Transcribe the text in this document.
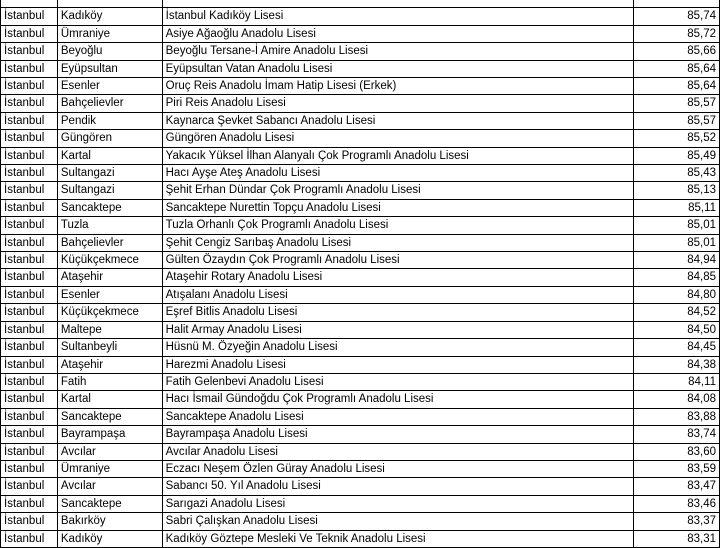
İstanbul	Kadıköy	İstanbul Kadıköy Lisesi	85,74
İstanbul	Ümraniye	Asiye Ağaoğlu Anadolu Lisesi	85,72
İstanbul	Beyoğlu	Beyoğlu Tersane-İ Amire Anadolu Lisesi	85,66
İstanbul	Eyüpsultan	Eyüpsultan Vatan Anadolu Lisesi	85,64
İstanbul	Esenler	Oruç Reis Anadolu İmam Hatip Lisesi (Erkek)	85,64
İstanbul	Bahçelievler	Piri Reis Anadolu Lisesi	85,57
İstanbul	Pendik	Kaynarca Şevket Sabancı Anadolu Lisesi	85,57
İstanbul	Güngören	Güngören Anadolu Lisesi	85,52
İstanbul	Kartal	Yakacık Yüksel İlhan Alanyalı Çok Programlı Anadolu Lisesi	85,49
İstanbul	Sultangazi	Hacı Ayşe Ateş Anadolu Lisesi	85,43
İstanbul	Sultangazi	Şehit Erhan Dündar Çok Programlı Anadolu Lisesi	85,13
İstanbul	Sancaktepe	Sancaktepe Nurettin Topçu Anadolu Lisesi	85,11
İstanbul	Tuzla	Tuzla Orhanlı Çok Programlı Anadolu Lisesi	85,01
İstanbul	Bahçelievler	Şehit Cengiz Sarıbaş Anadolu Lisesi	85,01
İstanbul	Küçükçekmece	Gülten Özaydın Çok Programlı Anadolu Lisesi	84,94
İstanbul	Ataşehir	Ataşehir Rotary Anadolu Lisesi	84,85
İstanbul	Esenler	Atışalanı Anadolu Lisesi	84,80
İstanbul	Küçükçekmece	Eşref Bitlis Anadolu Lisesi	84,52
İstanbul	Maltepe	Halit Armay Anadolu Lisesi	84,50
İstanbul	Sultanbeyli	Hüsnü M. Özyeğin Anadolu Lisesi	84,45
İstanbul	Ataşehir	Harezmi Anadolu Lisesi	84,38
İstanbul	Fatih	Fatih Gelenbevi Anadolu Lisesi	84,11
İstanbul	Kartal	Hacı İsmail Gündoğdu Çok Programlı Anadolu Lisesi	84,08
İstanbul	Sancaktepe	Sancaktepe Anadolu Lisesi	83,88
İstanbul	Bayrampaşa	Bayrampaşa Anadolu Lisesi	83,74
İstanbul	Avcılar	Avcılar Anadolu Lisesi	83,60
İstanbul	Ümraniye	Eczacı Neşem Özlen Güray Anadolu Lisesi	83,59
İstanbul	Avcılar	Sabancı 50. Yıl Anadolu Lisesi	83,47
İstanbul	Sancaktepe	Sarıgazi Anadolu Lisesi	83,46
İstanbul	Bakırköy	Sabri Çalışkan Anadolu Lisesi	83,37
İstanbul	Kadıköy	Kadıköy Göztepe Mesleki Ve Teknik Anadolu Lisesi	83,31
